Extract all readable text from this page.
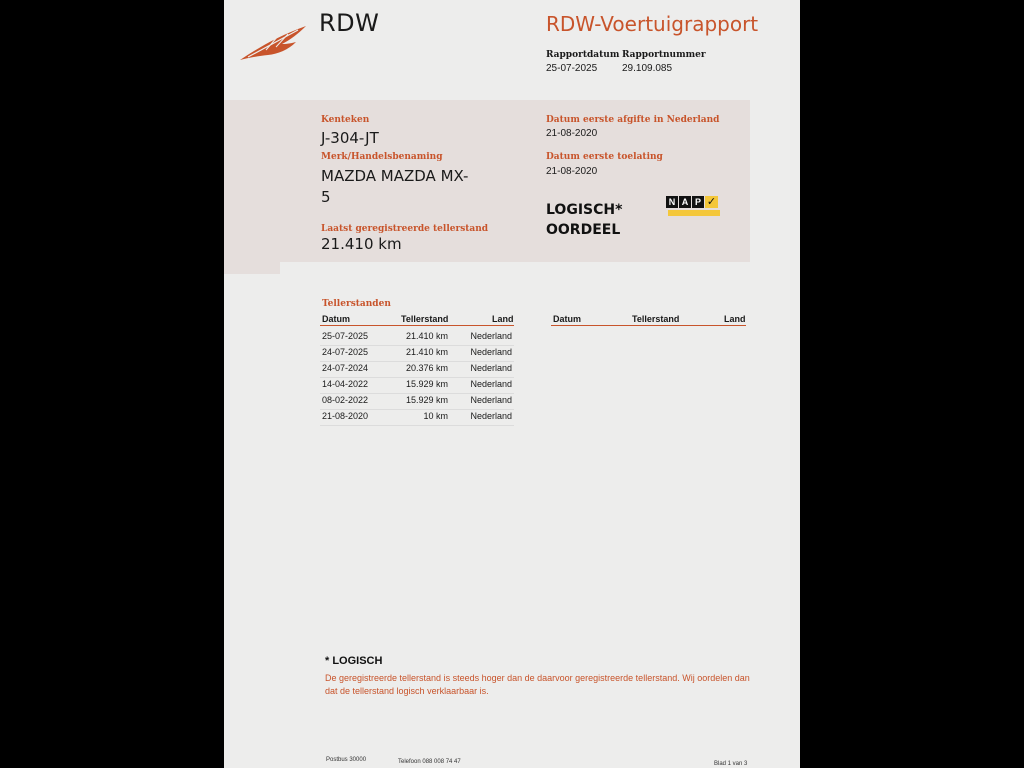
RDW	RDW-Voertuigrapport
Rapportdatum
25-07-2025
Rapportnummer
29.109.085
Kenteken
J-304-JT
Merk/Handelsbenaming
MAZDA MAZDA MX-
5
Laatst geregistreerde tellerstand
21.410 km
Datum eerste afgifte in Nederland
21-08-2020
Datum eerste toelating
21-08-2020
LOGISCH*
OORDEEL
N A P ✓
Tellerstanden
Datum	Tellerstand	Land
25-07-2025	21.410 km Nederland
24-07-2025	21.410 km Nederland
24-07-2024	20.376 km Nederland
14-04-2022	15.929 km Nederland
08-02-2022	15.929 km Nederland
21-08-2020	10 km Nederland
Datum	Tellerstand	Land
* LOGISCH
De geregistreerde tellerstand is steeds hoger dan de daarvoor geregistreerde tellerstand. Wij oordelen dan
dat de tellerstand logisch verklaarbaar is.
Postbus 30000	Telefoon 088 008 74 47	Blad 1 van 3
